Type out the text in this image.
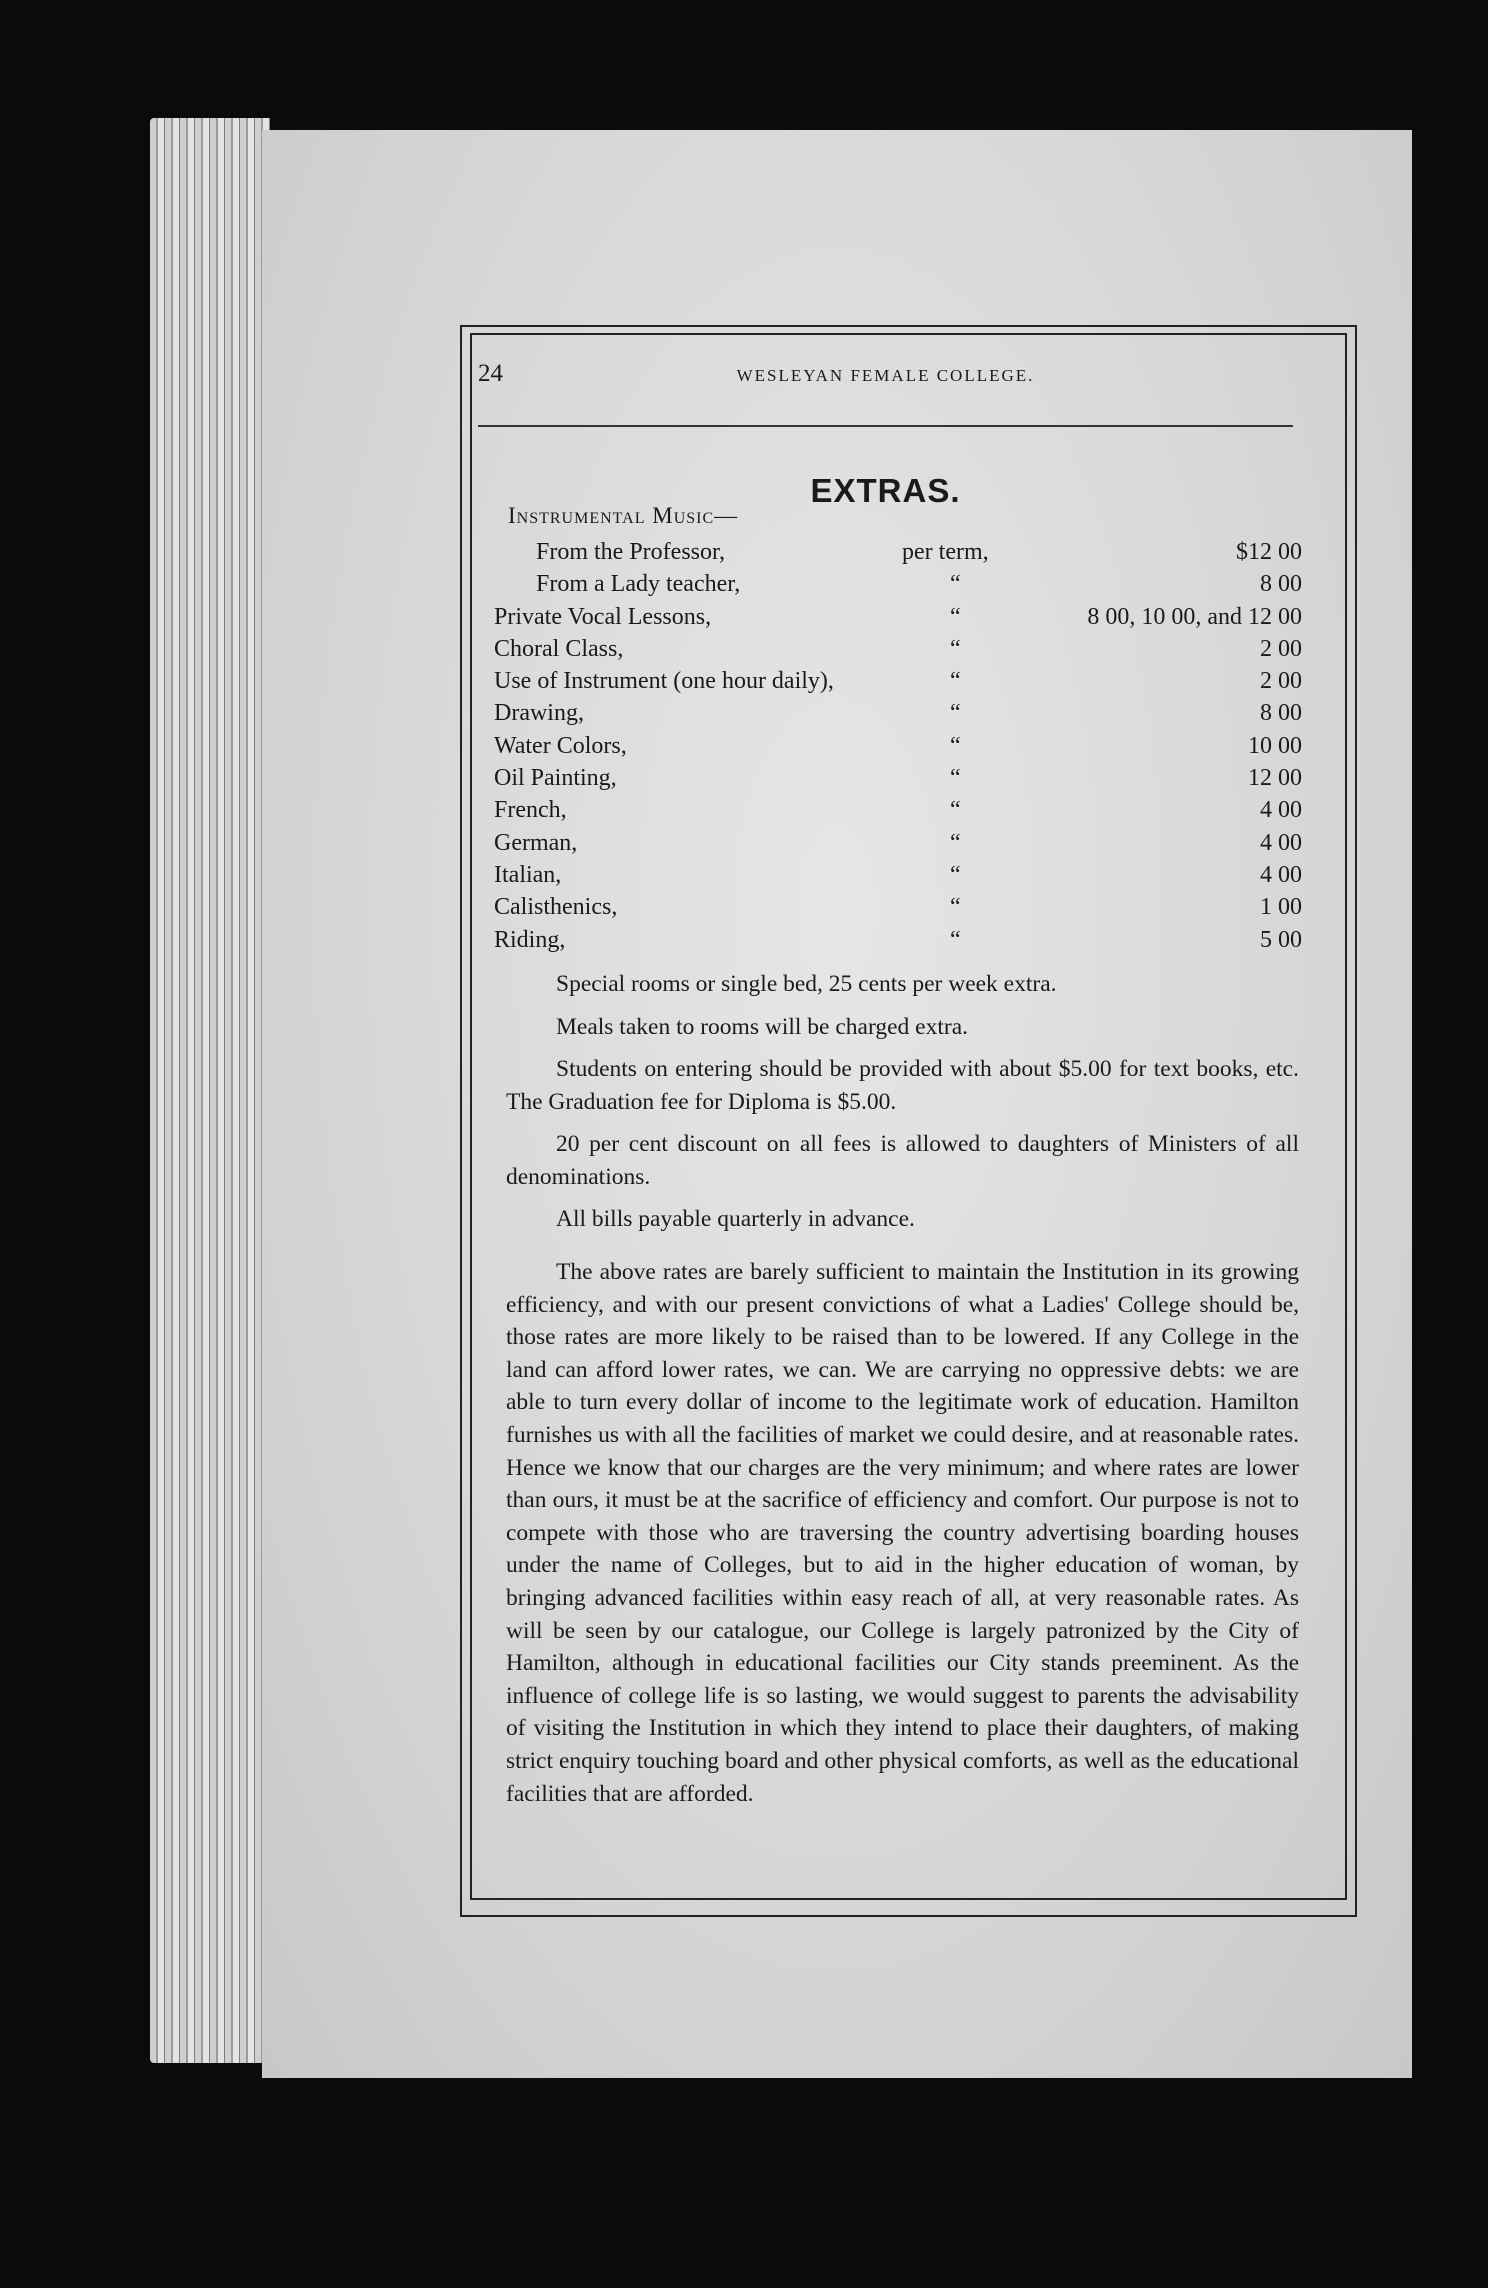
24	WESLEYAN FEMALE COLLEGE.
EXTRAS.
Instrumental Music—
From the Professor,	per term,	$12 00
From a Lady teacher,	“	8 00
Private Vocal Lessons,	“	8 00, 10 00, and 12 00
Choral Class,	“	2 00
Use of Instrument (one hour daily),	“	2 00
Drawing,	“	8 00
Water Colors,	“	10 00
Oil Painting,	“	12 00
French,	“	4 00
German,	“	4 00
Italian,	“	4 00
Calisthenics,	“	1 00
Riding,	“	5 00

Special rooms or single bed, 25 cents per week extra.

Meals taken to rooms will be charged extra.

Students on entering should be provided with about $5.00 for text books, etc. The Graduation fee for Diploma is $5.00.

20 per cent discount on all fees is allowed to daughters of Ministers of all denominations.

All bills payable quarterly in advance.

The above rates are barely sufficient to maintain the Institution in its growing efficiency, and with our present convictions of what a Ladies' College should be, those rates are more likely to be raised than to be lowered. If any College in the land can afford lower rates, we can. We are carrying no oppressive debts: we are able to turn every dollar of income to the legitimate work of education. Hamilton furnishes us with all the facilities of market we could desire, and at reasonable rates. Hence we know that our charges are the very minimum; and where rates are lower than ours, it must be at the sacrifice of efficiency and comfort. Our purpose is not to compete with those who are traversing the country advertising boarding houses under the name of Colleges, but to aid in the higher education of woman, by bringing advanced facilities within easy reach of all, at very reasonable rates. As will be seen by our catalogue, our College is largely patronized by the City of Hamilton, although in educational facilities our City stands preeminent. As the influence of college life is so lasting, we would suggest to parents the advisability of visiting the Institution in which they intend to place their daughters, of making strict enquiry touching board and other physical comforts, as well as the educational facilities that are afforded.
